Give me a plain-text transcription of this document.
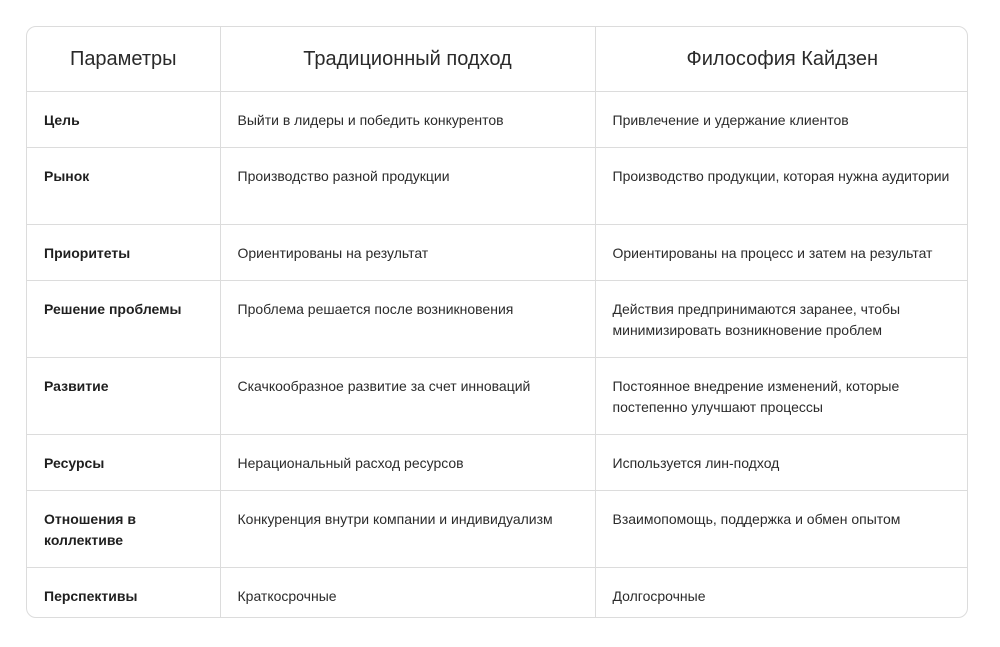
Параметры	Традиционный подход	Философия Кайдзен
Цель	Выйти в лидеры и победить конкурентов	Привлечение и удержание клиентов
Рынок	Производство разной продукции	Производство продукции, которая нужна аудитории
Приоритеты	Ориентированы на результат	Ориентированы на процесс и затем на результат
Решение проблемы	Проблема решается после возникновения	Действия предпринимаются заранее, чтобы минимизировать возникновение проблем
Развитие	Скачкообразное развитие за счет инноваций	Постоянное внедрение изменений, которые постепенно улучшают процессы
Ресурсы	Нерациональный расход ресурсов	Используется лин-подход
Отношения в коллективе	Конкуренция внутри компании и индивидуализм	Взаимопомощь, поддержка и обмен опытом
Перспективы	Краткосрочные	Долгосрочные
